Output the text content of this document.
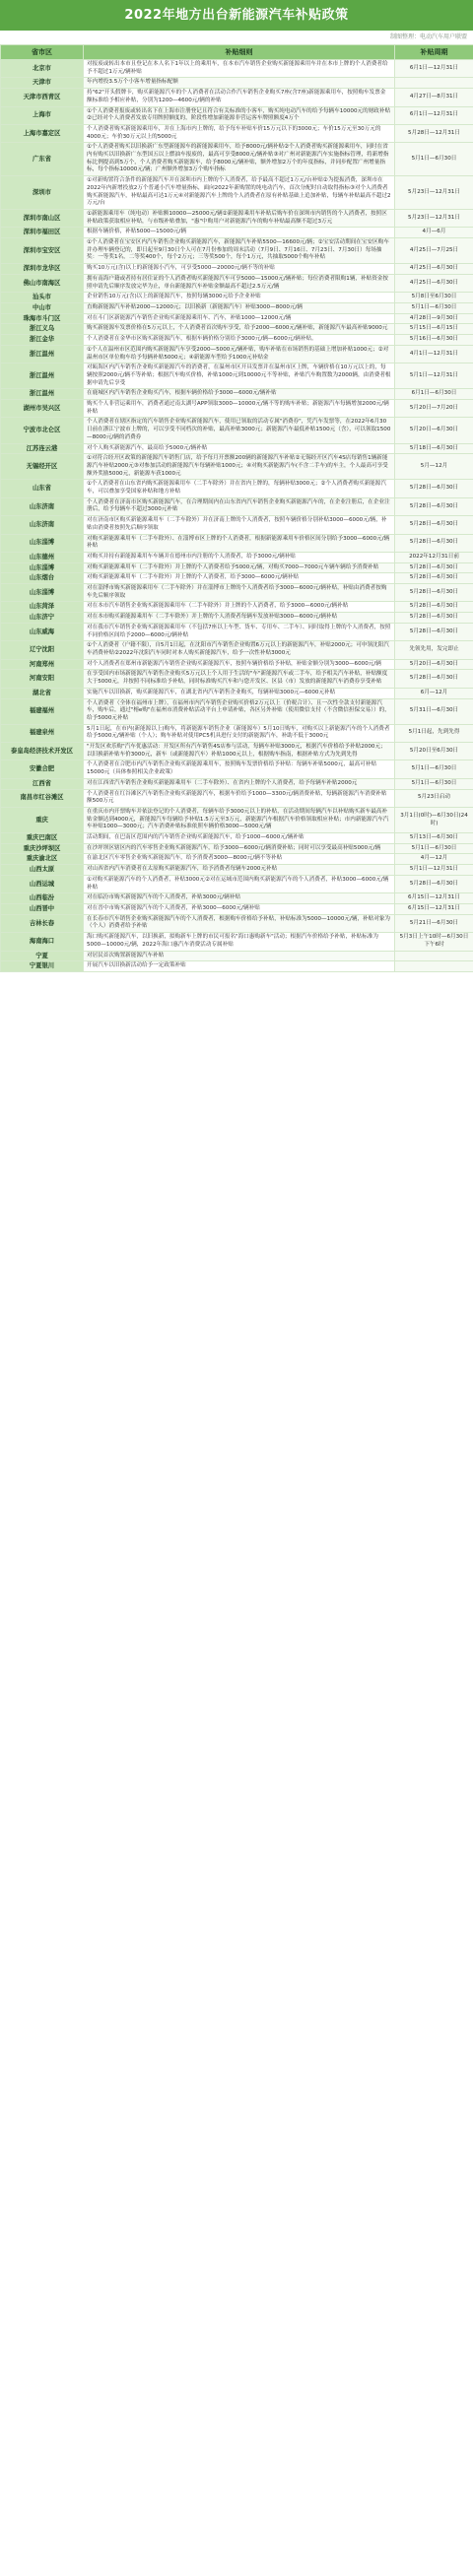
2022年地方出台新能源汽车补贴政策
制图整理：电动汽车用户联盟
省市区	补贴细则	补贴周期
北京市	对报废或转出本市且登记在本人名下1年以上的乘用车，在本市汽车销售企业购买新能源乘用车并在本市上牌的个人消费者给予不超过1万元/辆补贴	6月1日—12月31日
天津市	年内增投3.5万个小客车增量指标配额	
天津市西青区	持"62"开头假牌卡，购买新能源汽车的个人消费者在活动合作汽车销售企业购买7座(含7座)新能源乘用车，按照购车发票金额标准给予相应补贴，分别为1200—4600元/辆的补贴	4月27日—8月31日
上海市	①个人消费者报废或转出名下在上海市注册登记且符合有关标准的小客车，购买纯电动汽车的给予每辆车10000元的财政补贴②已经对个人消费者发放专用牌照额度的，阶段性增加新能源非营运客车牌照额度4万个	6月1日—12月31日
上海市嘉定区	个人消费者购买新能源乘用车，并在上海市内上牌的，给予每车补贴车价15万元以下的3000元；车价15万元至30万元的4000元；车价30万元以上的5000元	5月28日—12月31日
广东省	①个人消费者购买以旧换新广东型新能源车的新能源乘用车，给予8000元/辆补贴②个人消费者购买新能源乘用车，同时在省内有购买以旧换新广东型国五以上燃油车报废的，最高可享受8000元/辆补贴③对广州对新能源汽车实施指标管理，将新增指标比例提高到5万个，个人消费者购买新能源车，给予8000元/辆补贴，额外增加2万个的年度指标，并同步配置广州增量指标，每个指标10000元/辆；广州额外增加3万个购车指标	5月1日—6月30日
深圳市	①对新购置符合条件的新能源汽车并在深圳市内上牌的个人消费者，给予最高不超过1万元/台补贴②为提振消费，深圳市在2022年内新增投放2万个普通小汽车增量指标，面向2022年新购置的纯电动汽车，首次分配时自动取得指标③对个人消费者购买新能源汽车，补贴最高可达1万元④对新能源汽车上牌的个人消费者在原有补贴基础上追加补贴，每辆车补贴最高不超过2万元/台	5月23日—12月31日
深圳市南山区	①新能源乘用车（纯电动）补贴额10000—25000元/辆②新能源乘用车补贴后购车价在深圳市内销售的个人消费者，按照区补贴政策获取相应补贴，与市级补贴叠加，"惠"中购用户对新能源汽车的购车补贴最高额不超过3万元	5月23日—12月31日
深圳市福田区	根据车辆价格，补贴5000—15000元/辆	4月—6月
深圳市宝安区	①个人消费者在宝安区内汽车销售企业购买新能源汽车，新能源汽车补贴5500—16600元/辆；②宝安活动期间在宝安区购车并办理车辆登记的，即日起至9月30日个人可在7月份参加的周末活动（7月9日、7月16日、7月23日、7月30日）每场抽奖：一等奖1名，二等奖400个，每个2万元；三等奖500个，每个1万元，共抽取5000个购车补贴	4月25日—7月25日
深圳市龙华区	购买10万元(含)以上的新能源小汽车，可享受5000—20000元/辆不等的补贴	4月25日—6月30日
佛山市南海区	拥有南海户籍或者持有居住证的个人消费者购买新能源汽车可享5000—15000元/辆补贴；每位消费者限购1辆，补贴资金按照申请先后顺序发放完毕为止，单台新能源汽车补贴金额最高不超过2.5万元/辆	4月25日—6月30日
汕头市	企业销售10万元(含)以上的新能源汽车，按照每辆3000元给予企业补贴	5月8日至6月30日
中山市	直购新能源汽车补贴2000—12000元；以旧换新（新能源汽车）补贴3000—8000元/辆	5月1日—6月30日
珠海市斗门区	对在斗门区新能源汽车销售企业购买新能源乘用车、汽车，补贴1000—12000元/辆	4月28日—9月30日
浙江义乌	购买新能源车发票价格在5万元以上，个人消费者首次购车享受，给予2000—6000元/辆补贴，新能源汽车最高补贴9000元	5月15日—6月15日
浙江金华	个人消费者在金华市区购买新能源汽车，根据车辆价格分别给予3000元/辆—6000元/辆补贴。	5月16日—6月30日
浙江温州	①个人在温州市区范围内购买新能源汽车享受2000—5000元/辆补贴，购车补贴在市场销售的基础上增加补贴1000元；②对温州市区单位购车给予每辆补贴5000元；④新能源车型给予1000元补贴金	4月1日—12月31日
浙江温州	对瓯海区内汽车销售企业购买新能源汽车的消费者，在温州市区开具发票并在温州市区上牌，车辆价格在10万元以上的，每辆按照2000元/辆不等补贴；根据汽车购买价格，补贴1000元到10000元不等补贴，补贴汽车购置数为2000辆，由消费者根据申请先后享受	5月1日—12月31日
浙江温州	在鹿城区内汽车销售企业购买汽车，根据车辆价格给予3000—6000元/辆补贴	6月1日—6月30日
湖州市吴兴区	购买个人非营运乘用车，消费者通过南太湖号APP领取3000—10000元/辆不等的购车补贴；新能源汽车每辆增加2000元/辆补贴	5月20日—7月20日
宁波市北仑区	个人消费者在辖区指定的汽车销售企业购买新能源汽车，使用已领取的活动专属"消费券"，凭汽车发票等，在2022年6月30日前在浙江宁波市上牌的，可以享受不同档次的补贴，最高补贴3000元；新能源汽车最低补贴1500元（含），可以领取1500—8000元/辆的消费券	5月20日—6月30日
江苏连云港	对个人购买新能源汽车，最高给予5000元/辆补贴	5月18日—6月30日
无锡经开区	①对符合经开区政策的新能源汽车销售门店，给予每月开票额200辆的新能源汽车补贴②无锡经开区汽车4S店每销售1辆新能源汽车补贴2000元③对参加活动的新能源汽车每辆补贴1000元；④对购买新能源汽车(不含二手车)的车主，个人最高可享受额外奖励5000元，新能源车获1000元	5月—12月
山东省	①个人消费者在山东省内购买新能源乘用车（二手车除外）并在省内上牌的，每辆补贴3000元；②个人消费者购买新能源汽车，可以叠加享受国家补贴和地方补贴	5月28日—6月30日
山东济南	个人消费者在济南市区购买新能源汽车，在合理期间内在山东省内汽车销售企业购买新能源汽车的，在企业注册后，在企业注册后，给予每辆车不超过3000元补贴	5月28日—6月30日
山东济南	对在济南市区购买新能源乘用车（二手车除外）并在济南上牌的个人消费者，按照车辆价格分别补贴3000—6000元/辆，补贴由消费者按照先后顺序领取	5月28日—6月30日
山东淄博	对购买新能源乘用车（二手车除外）、在淄博市区上牌的个人消费者，根据新能源乘用车价格区间分别给予3000—6000元/辆补贴	5月28日—6月30日
山东德州	对购买并持有新能源乘用车车辆并在德州市内注册的个人消费者，给予3000元/辆补贴	2022年12月31日前
山东淄博	对购买新能源乘用车（二手车除外）并上牌的个人消费者给予5000元/辆，对购买7000—7000元车辆车辆给予消费补贴	5月28日—6月30日
山东烟台	对购买新能源乘用车（二手车除外）并上牌的个人消费者，给予3000—6000元/辆补贴	5月28日—6月30日
山东淄博	对在淄博市购买新能源乘用车（二手车除外）并在淄博市上牌的个人消费者给予3000—6000元/辆补贴，补贴由消费者按购车先后顺序领取	5月28日—6月30日
山东菏泽	对在本市汽车销售企业购买新能源乘用车（二手车除外）并上牌的个人消费者，给予3000—6000元/辆补贴	5月28日—6月30日
山东济宁	对在本市购买新能源乘用车（二手车除外）并上牌的个人消费者每辆车发放补贴3000—6000元/辆补贴	5月28日—6月30日
山东威海	对在我市汽车销售企业购买新能源乘用车（不包括7座以上车型、货车、专用车、二手车）、同时取得上牌的个人消费者，按照不同价格区间给予2000—6000元/辆补贴	5月28日—6月30日
辽宁沈阳	①个人消费者（户籍不限），自5月1日起，在沈阳市汽车销售企业购置6万元以上的新能源汽车，补贴2000元；可申领沈阳汽车消费补贴②2022年沈阳汽车同时对本人购买新能源汽车，给予一次性补贴3000元	先领先用，发完即止
河南郑州	对个人消费者在郑州市新能源汽车销售企业购买新能源汽车，按照车辆价格给予补贴，补贴金额分别为3000—6000元/辆	5月20日—6月30日
河南安阳	在享受国内市场新能源汽车销售企业购买5万元以上个人用于生活的"车"新能源汽车或二手车，给予相关汽车补贴，补贴额度大于5000元，并按照不同标准给予补贴，同时标准购买汽车和与您开发区、区县（市）发放的新能源汽车消费券享受补贴	5月28日—6月30日
湖北省	实施汽车以旧换新，购买新能源汽车，在湖北省内汽车销售企业购买，每辆补贴3000元—6000元补贴	6月—12月
福建福州	个人消费者（全体在福州市上牌），在福州市内汽车销售企业购买价格2万元以上（价税合计）、且一次性全款支付新能源汽车，购车后，通过"榕e购"在福州市消费补贴活动平台上申请补贴，各区另外补贴（使用微信支付（不含微信担保交易））的，给予5000元补贴	5月31日—6月30日
福建泉州	5月1日起，在市内(新能源以上)购车，将新能源车销售企业（新能源车）5月10日购车，对购买以上新能源汽车的个人消费者给予5000元/辆补贴（个人）；购车补贴对使用PC5机具进行支付的新能源汽车，补助不低于3000元	5月1日起，先到先得
泰皇岛经济技术开发区	"开发区欢乐购"汽车优惠活动：开发区所有汽车销售4S店参与活动，每辆车补贴3000元，根据汽车价格给予补贴2000元；以旧换新补贴车价3000元，新车（或新能源汽车）补贴1000元以上，根据购车指南，根据补贴方式为先到先得	5月20日至6月30日
安徽合肥	个人消费者在合肥市内汽车销售企业购买新能源乘用车，按照购车发票价格给予补贴：每辆车补贴5000元，最高可补贴15000元（具体参照相关企业政策）	5月1日—6月30日
江西省	对在江西省汽车销售企业购买新能源乘用车（二手车除外）、在省内上牌的个人消费者，给予每辆车补贴2000元	5月1日—6月30日
南昌市红谷滩区	个人消费者在红谷滩区汽车销售企业购买新能源汽车，根据车价给予1000—3300元/辆消费补贴，每辆新能源汽车消费补贴额500万元	5月23日启动
重庆	在重庆市内开票购车并依法登记的个人消费者，每辆车给予3000元以上的补贴，在活动期间每辆汽车以补贴购买新车最高补贴金额达到4000元，新能源汽车每辆给予补贴1.5万元至3万元，新能源汽车根据汽车价格领取相应补贴；市内新能源汽车汽车补贴1000—3000元；汽车消费补贴标准依照车辆价格3000—5000元/辆	3月1日(0时)—6月30日(24时)
重庆巴南区	活动期间，在巴南区范围内的汽车销售企业购买新能源汽车，给予1000—6000元/辆补贴	5月13日—6月30日
重庆沙坪坝区	在沙坪坝区辖区内的汽车零售企业购买新能源汽车，给予3000—6000元/辆消费补贴；同时可以享受最高补贴5000元/辆	5月1日—6月30日
重庆渝北区	在渝北区汽车零售企业购买新能源汽车，给予消费者3000—8000元/辆不等补贴	4月—12月
山西太原	对山西省内汽车消费者在太原购买新能源汽车，给予消费者每辆车2000元补贴	5月1日—12月31日
山西运城	①对购买新能源汽车的个人消费者，补贴3000元②对在运城市范围内购买新能源汽车的个人消费者，补贴3000—6000元/辆补贴	5月28日—6月30日
山西临汾	对在临汾市购买新能源汽车的个人消费者，补贴3000元/辆补贴	6月15日—12月31日
山西晋中	对在晋中市购买新能源汽车的个人消费者，补贴3000—6000元/辆补贴	6月15日—12月31日
吉林长春	在长春市汽车销售企业购买新能源汽车的个人消费者，根据购车价格给予补贴，补贴标准为5000—10000元/辆，补贴对象为（个人）消费者给予补贴	5月21日—6月30日
海南海口	海口购买新能源汽车，以旧换新，拟购新车上牌的市民可报名"海口惠购新车"活动；根据汽车价格给予补贴，补贴标准为5000—10000元/辆，2022年海口惠汽车消费活动专属补贴	5月3日上午10时—6月30日下午6时
宁夏	对居民首次购置新能源汽车补贴	
宁夏银川	开展汽车以旧换新活动给予一定政策补贴	
